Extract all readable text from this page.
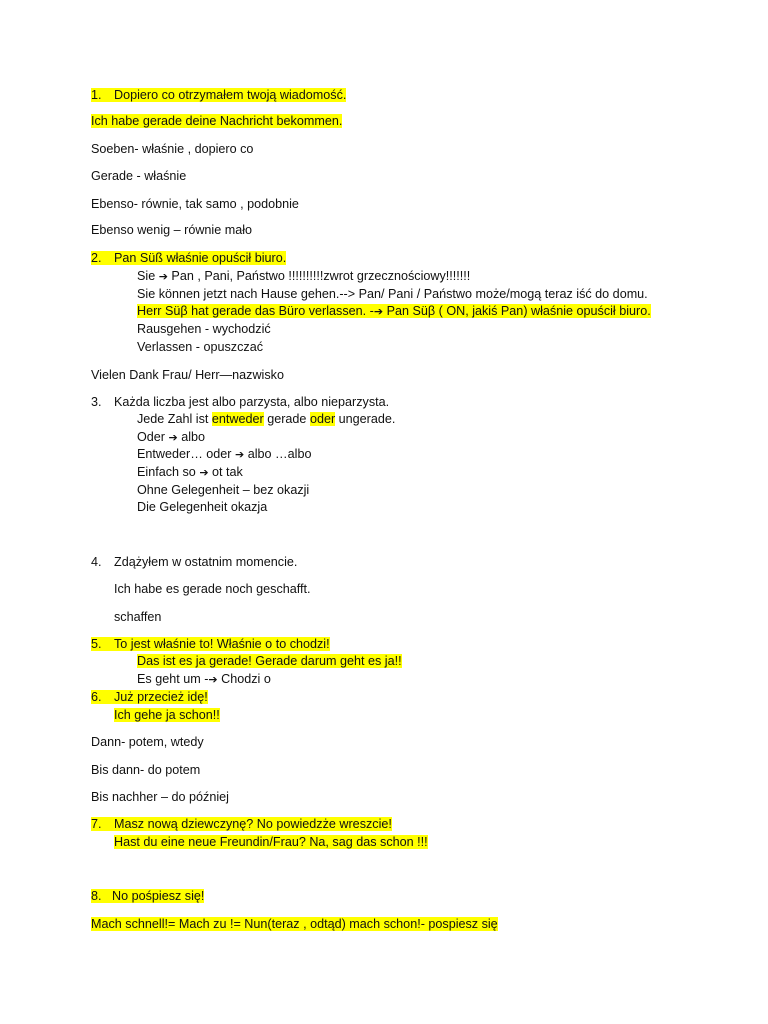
1. Dopiero co otrzymałem twoją wiadomość.
Ich habe gerade deine Nachricht bekommen.
Soeben- właśnie , dopiero co
Gerade - właśnie
Ebenso- równie, tak samo , podobnie
Ebenso wenig – równie mało
2. Pan Süß właśnie opuścił biuro.
Sie ➔ Pan , Pani, Państwo !!!!!!!!!!zwrot grzecznościowy!!!!!!!
Sie können jetzt nach Hause gehen.--> Pan/ Pani / Państwo może/mogą teraz iść do domu.
Herr Süβ hat gerade das Büro verlassen. -➔ Pan Süβ ( ON, jakiś Pan) właśnie opuścił biuro.
Rausgehen - wychodzić
Verlassen - opuszczać
Vielen Dank Frau/ Herr—nazwisko
3. Każda liczba jest albo parzysta, albo nieparzysta.
Jede Zahl ist entweder gerade oder ungerade.
Oder ➔ albo
Entweder… oder ➔ albo …albo
Einfach so ➔ ot tak
Ohne Gelegenheit – bez okazji
Die Gelegenheit okazja
4. Zdążyłem w ostatnim momencie.
Ich habe es gerade noch geschafft.
schaffen
5. To jest właśnie to! Właśnie o to chodzi!
Das ist es ja gerade! Gerade darum geht es ja!!
Es geht um -➔ Chodzi o
6. Już przecież idę!
Ich gehe ja schon!!
Dann- potem, wtedy
Bis dann- do potem
Bis nachher – do później
7. Masz nową dziewczynę? No powiedzże wreszcie!
Hast du eine neue Freundin/Frau? Na, sag das schon !!!
8. No pośpiesz się!
Mach schnell!= Mach zu != Nun(teraz , odtąd) mach schon!- pospiesz się
